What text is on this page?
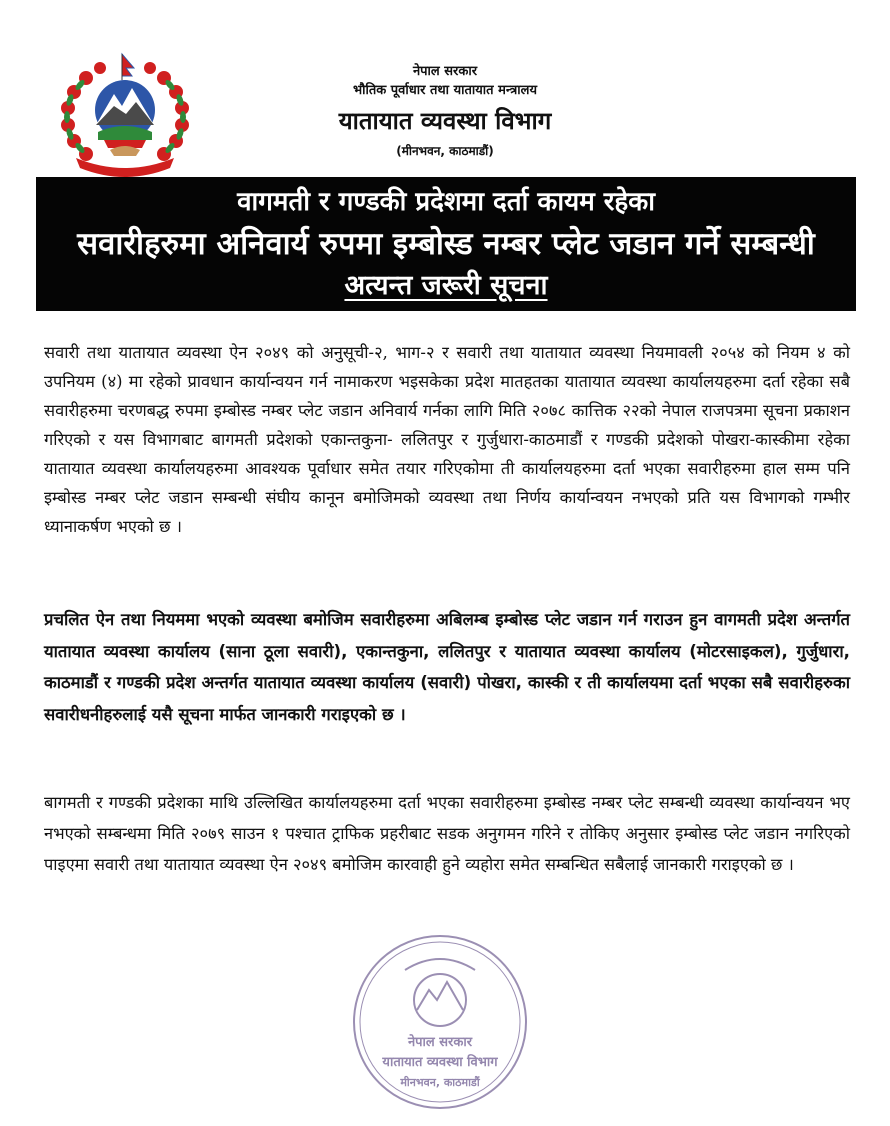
नेपाल सरकार
भौतिक पूर्वाधार तथा यातायात मन्त्रालय
यातायात व्यवस्था विभाग
(मीनभवन, काठमाडौं)
वागमती र गण्डकी प्रदेशमा दर्ता कायम रहेका
सवारीहरुमा अनिवार्य रुपमा इम्बोस्ड नम्बर प्लेट जडान गर्ने सम्बन्धी
अत्यन्त जरूरी सूचना

सवारी तथा यातायात व्यवस्था ऐन २०४९ को अनुसूची-२, भाग-२ र सवारी तथा यातायात व्यवस्था नियमावली २०५४ को नियम ४ को उपनियम (४) मा रहेको प्रावधान कार्यान्वयन गर्न नामाकरण भइसकेका प्रदेश मातहतका यातायात व्यवस्था कार्यालयहरुमा दर्ता रहेका सबै सवारीहरुमा चरणबद्ध रुपमा इम्बोस्ड नम्बर प्लेट जडान अनिवार्य गर्नका लागि मिति २०७८ कात्तिक २२को नेपाल राजपत्रमा सूचना प्रकाशन गरिएको र यस विभागबाट बागमती प्रदेशको एकान्तकुना- ललितपुर र गुर्जुधारा-काठमाडौं र गण्डकी प्रदेशको पोखरा-कास्कीमा रहेका यातायात व्यवस्था कार्यालयहरुमा आवश्यक पूर्वाधार समेत तयार गरिएकोमा ती कार्यालयहरुमा दर्ता भएका सवारीहरुमा हाल सम्म पनि इम्बोस्ड नम्बर प्लेट जडान सम्बन्धी संघीय कानून बमोजिमको व्यवस्था तथा निर्णय कार्यान्वयन नभएको प्रति यस विभागको गम्भीर ध्यानाकर्षण भएको छ ।

प्रचलित ऐन तथा नियममा भएको व्यवस्था बमोजिम सवारीहरुमा अबिलम्ब इम्बोस्ड प्लेट जडान गर्न गराउन हुन वागमती प्रदेश अन्तर्गत यातायात व्यवस्था कार्यालय (साना ठूला सवारी), एकान्तकुना, ललितपुर र यातायात व्यवस्था कार्यालय (मोटरसाइकल), गुर्जुधारा, काठमाडौं र गण्डकी प्रदेश अन्तर्गत यातायात व्यवस्था कार्यालय (सवारी) पोखरा, कास्की र ती कार्यालयमा दर्ता भएका सबै सवारीहरुका सवारीधनीहरुलाई यसै सूचना मार्फत जानकारी गराइएको छ ।

बागमती र गण्डकी प्रदेशका माथि उल्लिखित कार्यालयहरुमा दर्ता भएका सवारीहरुमा इम्बोस्ड नम्बर प्लेट सम्बन्धी व्यवस्था कार्यान्वयन भए नभएको सम्बन्धमा मिति २०७९ साउन १ पश्चात ट्राफिक प्रहरीबाट सडक अनुगमन गरिने र तोकिए अनुसार इम्बोस्ड प्लेट जडान नगरिएको पाइएमा सवारी तथा यातायात व्यवस्था ऐन २०४९ बमोजिम कारवाही हुने व्यहोरा समेत सम्बन्धित सबैलाई जानकारी गराइएको छ ।

नेपाल सरकार
यातायात व्यवस्था विभाग
मीनभवन, काठमाडौं
